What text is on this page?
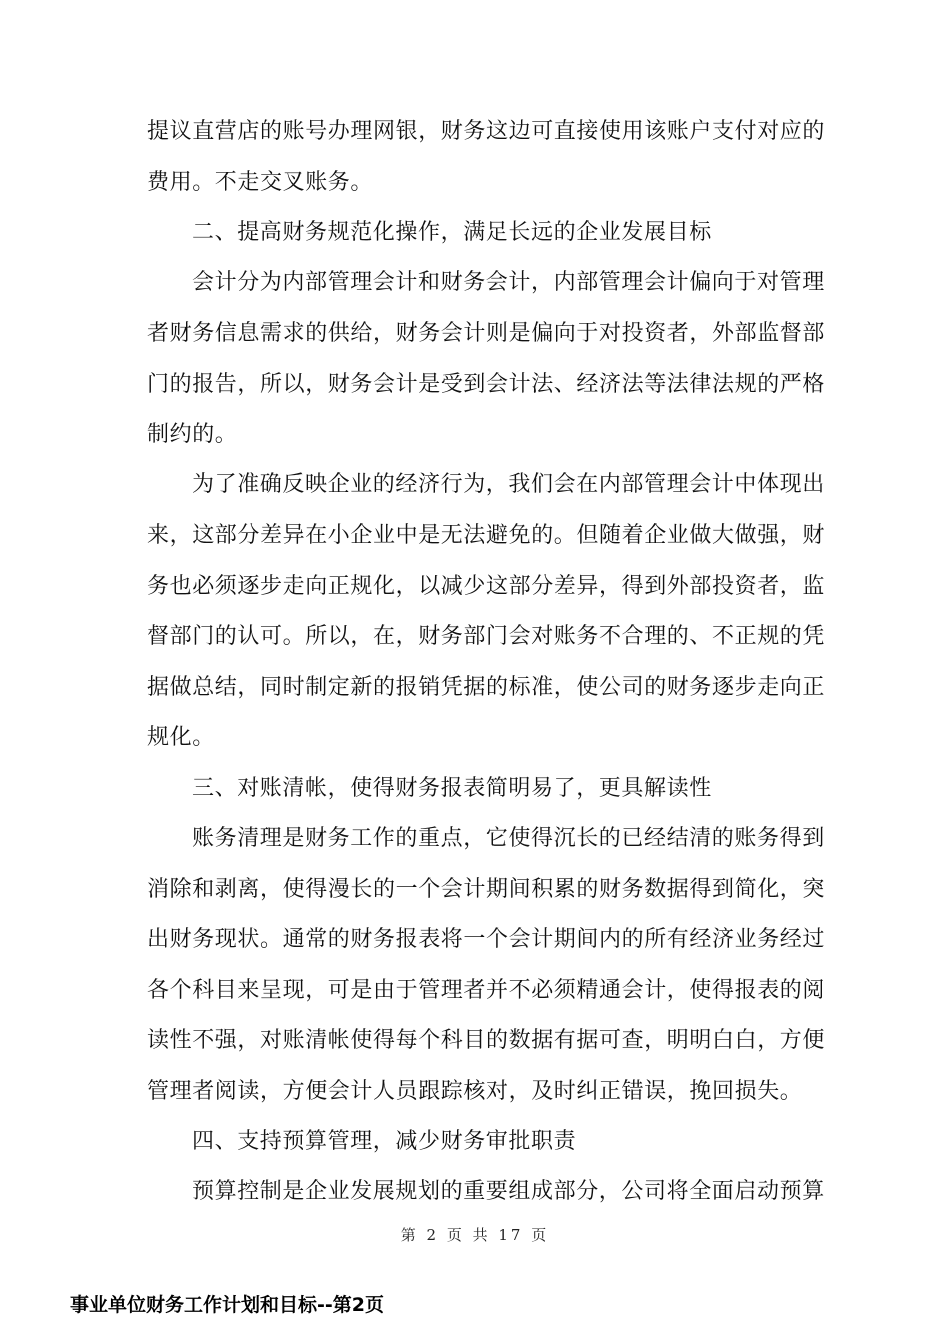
提议直营店的账号办理网银，财务这边可直接使用该账户支付对应的
费用。不走交叉账务。
二、提高财务规范化操作，满足长远的企业发展目标
会计分为内部管理会计和财务会计，内部管理会计偏向于对管理
者财务信息需求的供给，财务会计则是偏向于对投资者，外部监督部
门的报告，所以，财务会计是受到会计法、经济法等法律法规的严格
制约的。
为了准确反映企业的经济行为，我们会在内部管理会计中体现出
来，这部分差异在小企业中是无法避免的。但随着企业做大做强，财
务也必须逐步走向正规化，以减少这部分差异，得到外部投资者，监
督部门的认可。所以，在，财务部门会对账务不合理的、不正规的凭
据做总结，同时制定新的报销凭据的标准，使公司的财务逐步走向正
规化。
三、对账清帐，使得财务报表简明易了，更具解读性
账务清理是财务工作的重点，它使得沉长的已经结清的账务得到
消除和剥离，使得漫长的一个会计期间积累的财务数据得到简化，突
出财务现状。通常的财务报表将一个会计期间内的所有经济业务经过
各个科目来呈现，可是由于管理者并不必须精通会计，使得报表的阅
读性不强，对账清帐使得每个科目的数据有据可查，明明白白，方便
管理者阅读，方便会计人员跟踪核对，及时纠正错误，挽回损失。
四、支持预算管理，减少财务审批职责
预算控制是企业发展规划的重要组成部分，公司将全面启动预算
第 2 页 共 17 页
事业单位财务工作计划和目标--第2页
